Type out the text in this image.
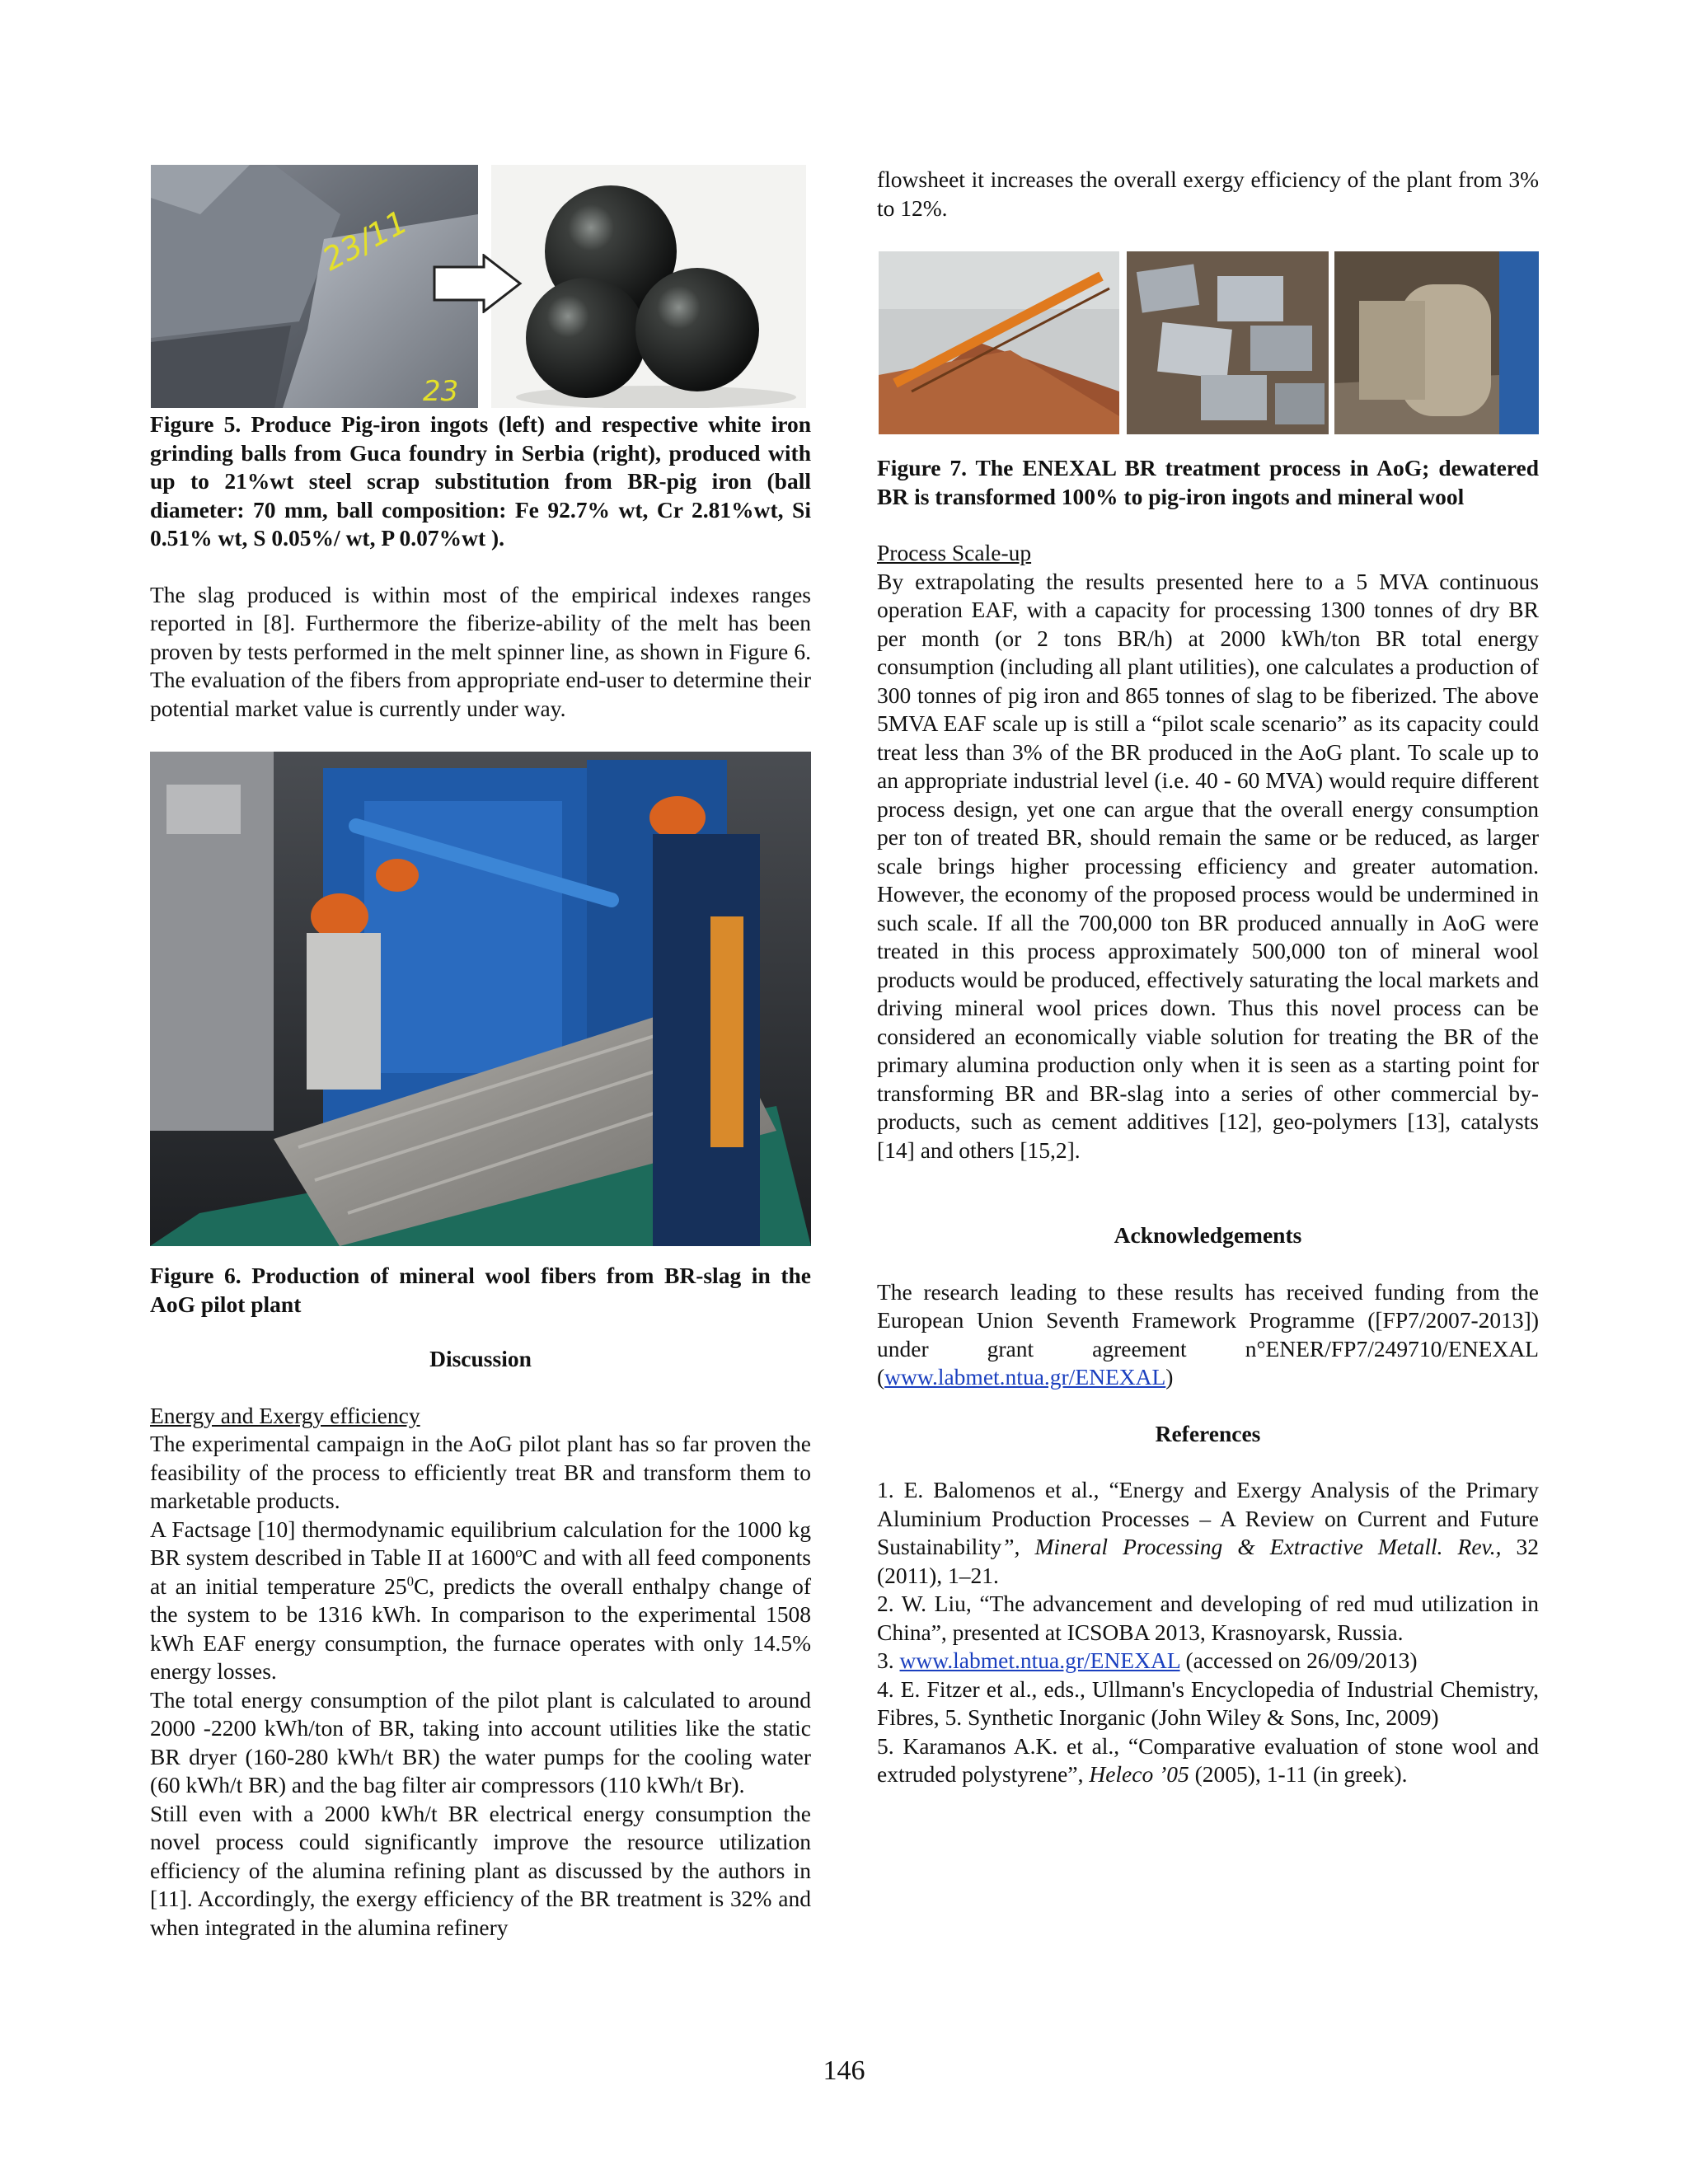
23/11
23

Figure 5. Produce Pig-iron ingots (left) and respective white iron grinding balls from Guca foundry in Serbia (right), produced with up to 21%wt steel scrap substitution from BR-pig iron (ball diameter: 70 mm, ball composition: Fe 92.7% wt, Cr 2.81%wt, Si 0.51% wt, S 0.05%/ wt, P 0.07%wt ).

The slag produced is within most of the empirical indexes ranges reported in [8]. Furthermore the fiberize-ability of the melt has been proven by tests performed in the melt spinner line, as shown in Figure 6. The evaluation of the fibers from appropriate end-user to determine their potential market value is currently under way.

Figure 6. Production of mineral wool fibers from BR-slag in the AoG pilot plant

Discussion
Energy and Exergy efficiency

The experimental campaign in the AoG pilot plant has so far proven the feasibility of the process to efficiently treat BR and transform them to marketable products.

A Factsage [10] thermodynamic equilibrium calculation for the 1000 kg BR system described in Table II at 1600$^o$C and with all feed components at an initial temperature $25^0C$, predicts the overall enthalpy change of the system to be 1316 kWh. In comparison to the experimental 1508 kWh EAF energy consumption, the furnace operates with only 14.5% energy losses.

The total energy consumption of the pilot plant is calculated to around 2000 -2200 kWh/ton of BR, taking into account utilities like the static BR dryer (160-280 kWh/t BR) the water pumps for the cooling water (60 kWh/t BR) and the bag filter air compressors (110 kWh/t Br).

Still even with a 2000 kWh/t BR electrical energy consumption the novel process could significantly improve the resource utilization efficiency of the alumina refining plant as discussed by the authors in [11]. Accordingly, the exergy efficiency of the BR treatment is 32% and when integrated in the alumina refinery

flowsheet it increases the overall exergy efficiency of the plant from 3% to 12%.

Figure 7. The ENEXAL BR treatment process in AoG; dewatered BR is transformed 100% to pig-iron ingots and mineral wool

Process Scale-up

By extrapolating the results presented here to a 5 MVA continuous operation EAF, with a capacity for processing 1300 tonnes of dry BR per month (or 2 tons BR/h) at 2000 kWh/ton BR total energy consumption (including all plant utilities), one calculates a production of 300 tonnes of pig iron and 865 tonnes of slag to be fiberized. The above 5MVA EAF scale up is still a “pilot scale scenario” as its capacity could treat less than 3% of the BR produced in the AoG plant. To scale up to an appropriate industrial level (i.e. 40 - 60 MVA) would require different process design, yet one can argue that the overall energy consumption per ton of treated BR, should remain the same or be reduced, as larger scale brings higher processing efficiency and greater automation. However, the economy of the proposed process would be undermined in such scale. If all the 700,000 ton BR produced annually in AoG were treated in this process approximately 500,000 ton of mineral wool products would be produced, effectively saturating the local markets and driving mineral wool prices down. Thus this novel process can be considered an economically viable solution for treating the BR of the primary alumina production only when it is seen as a starting point for transforming BR and BR-slag into a series of other commercial by-products, such as cement additives [12], geo-polymers [13], catalysts [14] and others [15,2].

Acknowledgements

The research leading to these results has received funding from the European Union Seventh Framework Programme ([FP7/2007-2013]) under grant agreement n°ENER/FP7/249710/ENEXAL (www.labmet.ntua.gr/ENEXAL)

References

1. E. Balomenos et al., “Energy and Exergy Analysis of the Primary Aluminium Production Processes – A Review on Current and Future Sustainability”, Mineral Processing & Extractive Metall. Rev., 32 (2011), 1–21.

2. W. Liu, “The advancement and developing of red mud utilization in China”, presented at ICSOBA 2013, Krasnoyarsk, Russia.

3. www.labmet.ntua.gr/ENEXAL (accessed on 26/09/2013)

4. E. Fitzer et al., eds., Ullmann's Encyclopedia of Industrial Chemistry, Fibres, 5. Synthetic Inorganic (John Wiley & Sons, Inc, 2009)

5. Karamanos A.K. et al., “Comparative evaluation of stone wool and extruded polystyrene”, Heleco ’05 (2005), 1-11 (in greek).

146
